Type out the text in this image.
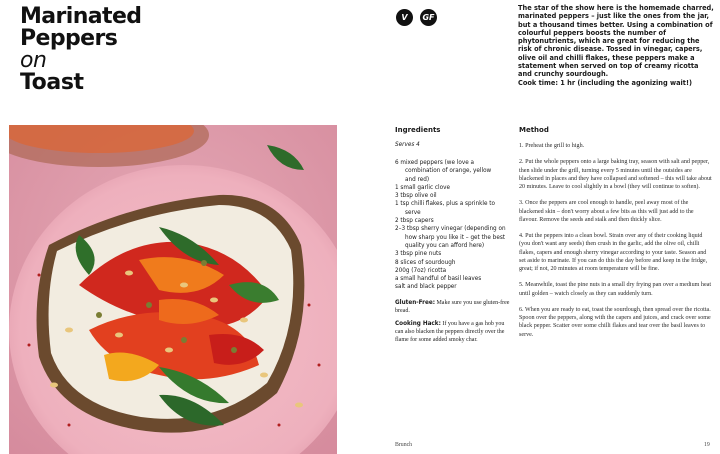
Marinated
Peppers
on
Toast
V	GF
The star of the show here is the homemade charred, marinated peppers – just like the ones from the jar, but a thousand times better. Using a combination of colourful peppers boosts the number of phytonutrients, which are great for reducing the risk of chronic disease. Tossed in vinegar, capers, olive oil and chilli flakes, these peppers make a statement when served on top of creamy ricotta and crunchy sourdough.
Cook time: 1 hr (including the agonizing wait!)
Ingredients	Method
Serves 4
6 mixed peppers (we love a
combination of orange, yellow
and red)
1 small garlic clove
3 tbsp olive oil
1 tsp chilli flakes, plus a sprinkle to
serve
2 tbsp capers
2–3 tbsp sherry vinegar (depending on
how sharp you like it – get the best
quality you can afford here)
3 tbsp pine nuts
8 slices of sourdough
200g (7oz) ricotta
a small handful of basil leaves
salt and black pepper
Gluten-Free: Make sure you use gluten-free bread.
Cooking Hack: If you have a gas hob you can also blacken the peppers directly over the flame for some added smoky char.
1. Preheat the grill to high.
2. Put the whole peppers onto a large baking tray, season with salt and pepper, then slide under the grill, turning every 5 minutes until the outsides are blackened in places and they have collapsed and softened – this will take about 20 minutes. Leave to cool slightly in a bowl (they will continue to soften).
3. Once the peppers are cool enough to handle, peel away most of the blackened skin – don't worry about a few bits as this will just add to the flavour. Remove the seeds and stalk and then thickly slice.
4. Put the peppers into a clean bowl. Strain over any of their cooking liquid (you don't want any seeds) then crush in the garlic, add the olive oil, chilli flakes, capers and enough sherry vinegar according to your taste. Season and set aside to marinate. If you can do this the day before and keep in the fridge, great; if not, 20 minutes at room temperature will be fine.
5. Meanwhile, toast the pine nuts in a small dry frying pan over a medium heat until golden – watch closely as they can suddenly turn.
6. When you are ready to eat, toast the sourdough, then spread over the ricotta. Spoon over the peppers, along with the capers and juices, and crack over some black pepper. Scatter over some chilli flakes and tear over the basil leaves to serve.
Brunch	19
